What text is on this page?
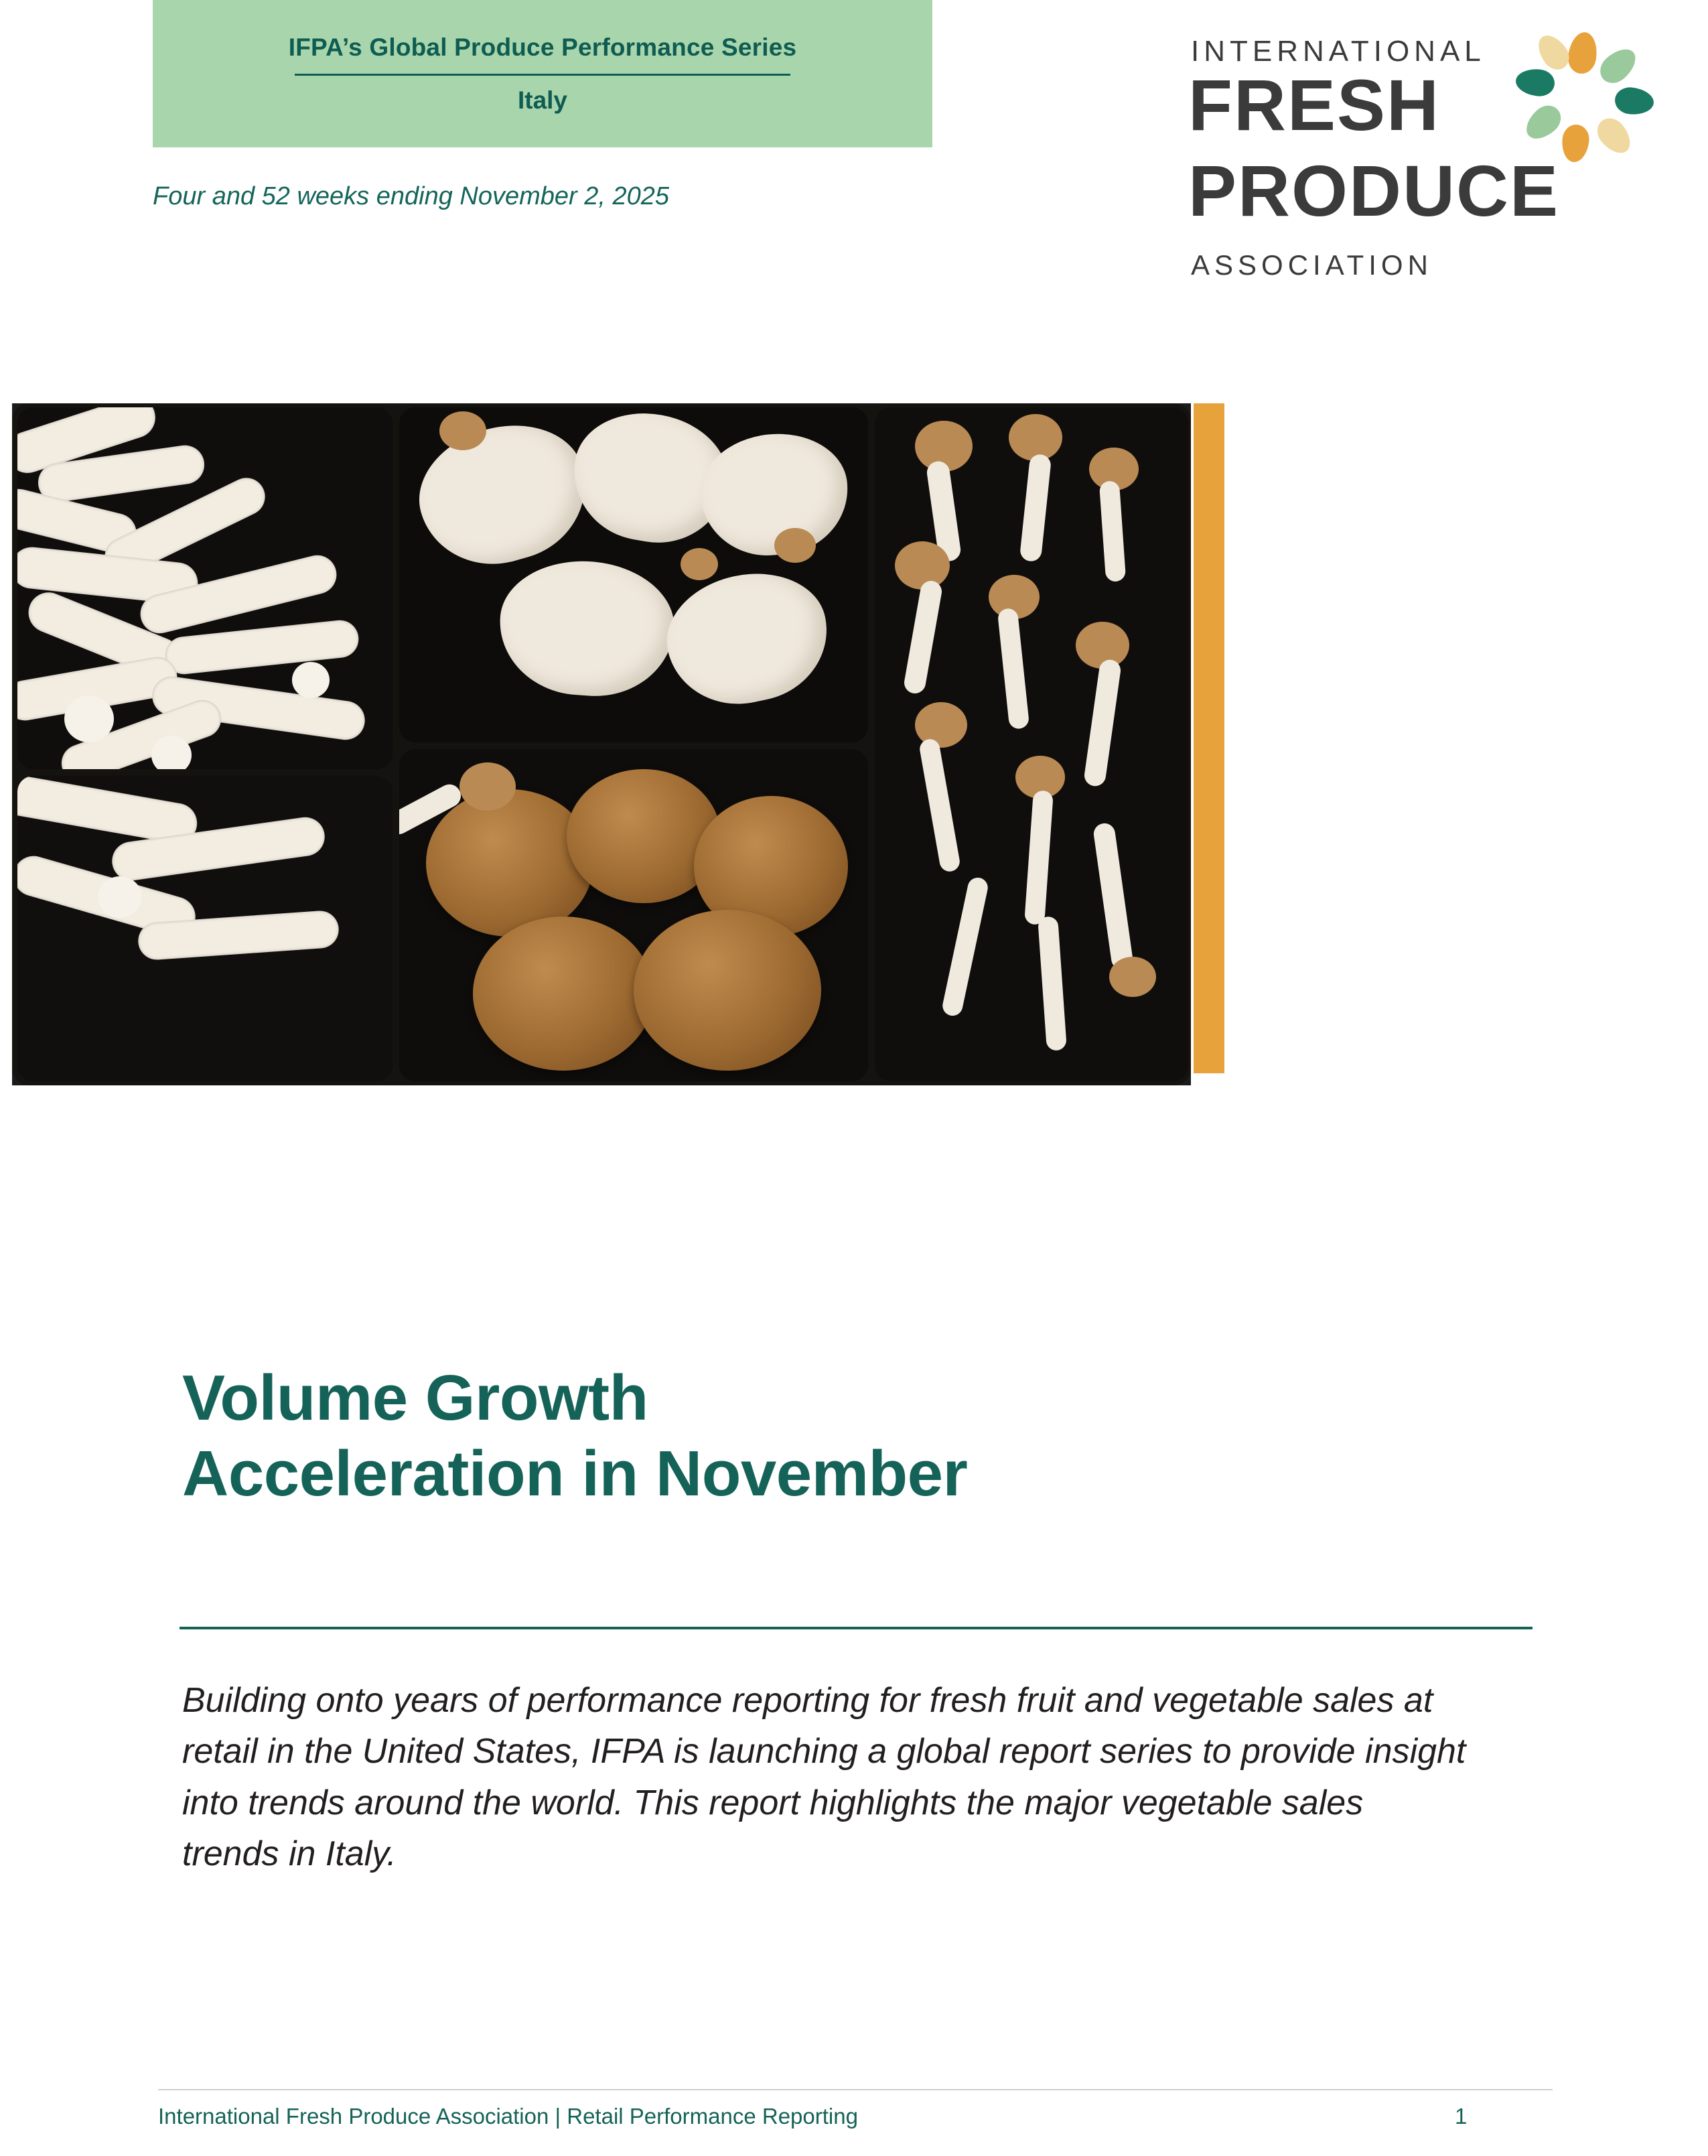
IFPA’s Global Produce Performance Series
Italy
Four and 52 weeks ending November 2, 2025
INTERNATIONAL
FRESH
PRODUCE
ASSOCIATION
Volume Growth
Acceleration in November
Building onto years of performance reporting for fresh fruit and vegetable sales at retail in the United States, IFPA is launching a global report series to provide insight into trends around the world. This report highlights the major vegetable sales trends in Italy.
International Fresh Produce Association | Retail Performance Reporting	1
